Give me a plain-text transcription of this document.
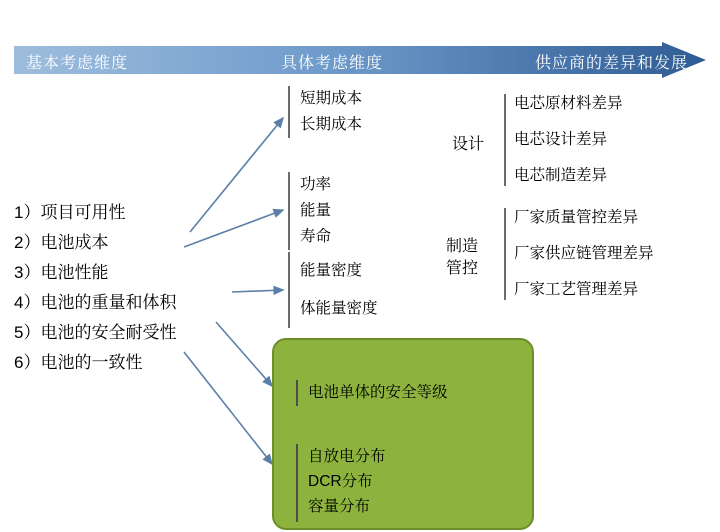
基本考虑维度	具体考虑维度	供应商的差异和发展
1）项目可用性
2）电池成本
3）电池性能
4）电池的重量和体积
5）电池的安全耐受性
6）电池的一致性
短期成本
长期成本
功率
能量
寿命
能量密度
体能量密度
设计
电芯原材料差异
电芯设计差异
电芯制造差异
制造
管控
厂家质量管控差异
厂家供应链管理差异
厂家工艺管理差异
电池单体的安全等级
自放电分布
DCR分布
容量分布
